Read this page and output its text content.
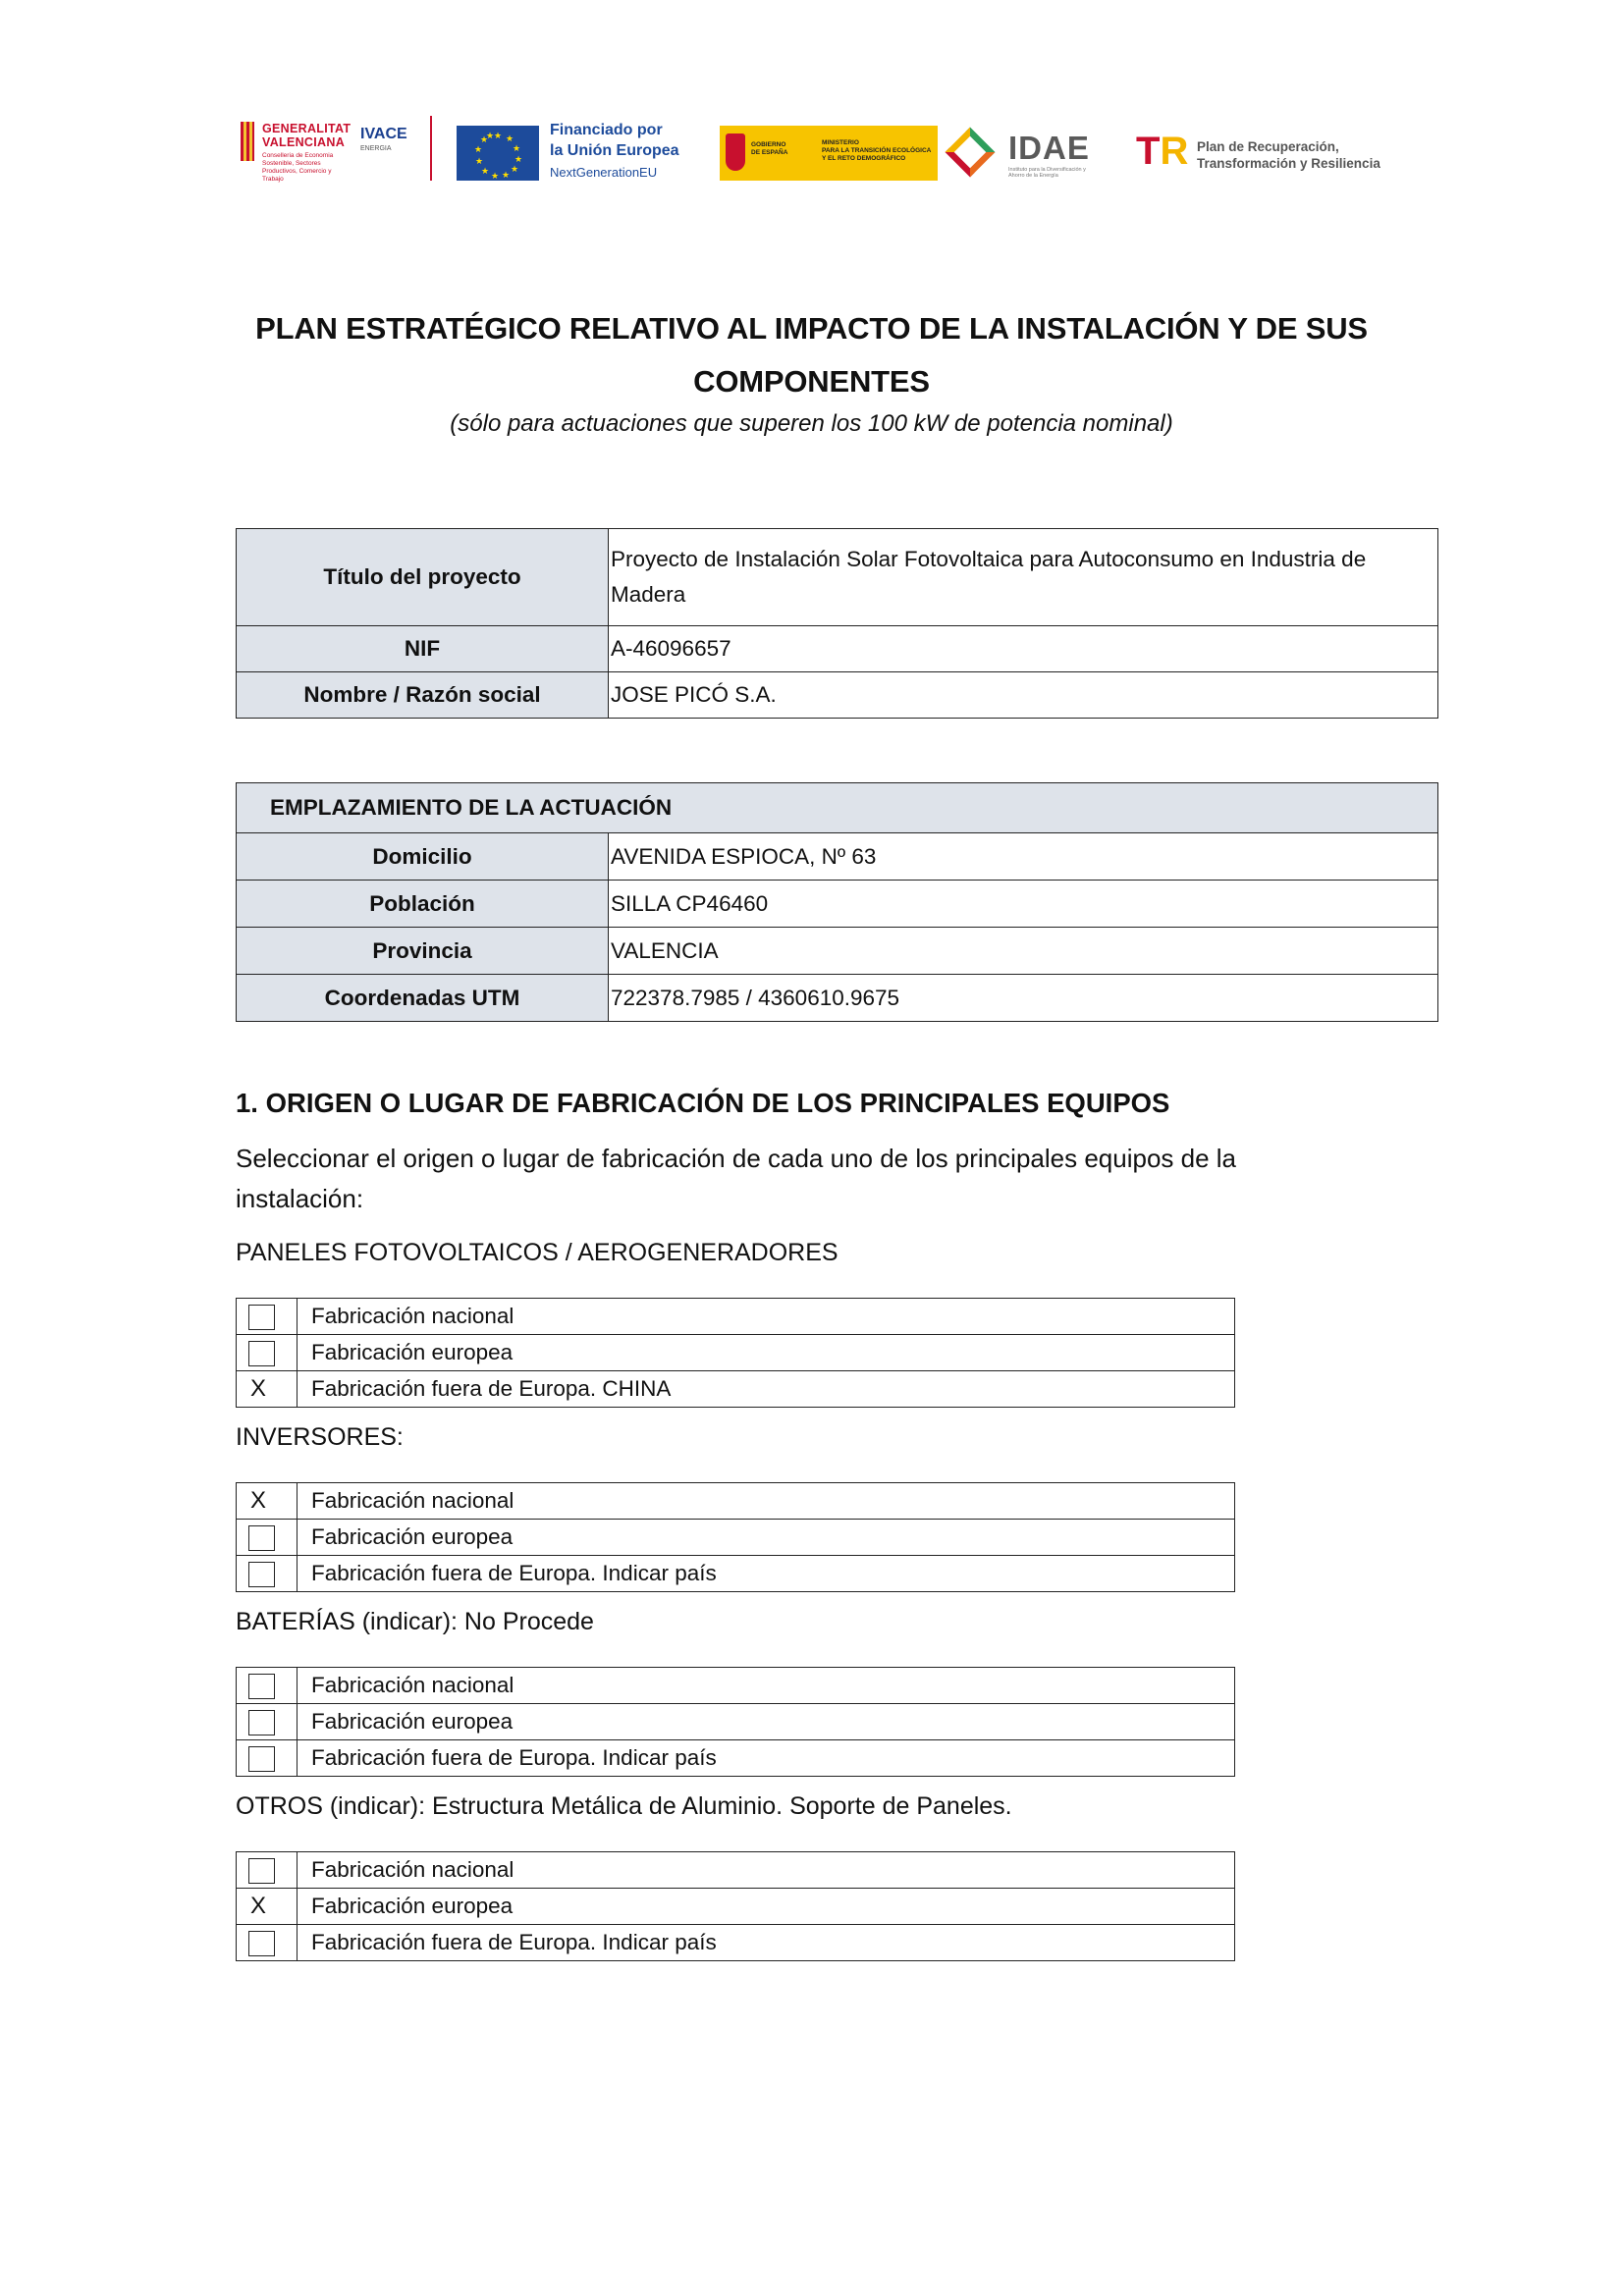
GENERALITAT
VALENCIANA
Conselleria de Economia Sostenible, Sectores Productivos, Comercio y Trabajo
IVACE
ENERGIA
★ ★
★
★
★
★
★
★
★
★
★
★	Financiado por
la Unión Europea
NextGenerationEU
GOBIERNO
DE ESPAÑA
MINISTERIO
PARA LA TRANSICIÓN ECOLÓGICA
Y EL RETO DEMOGRÁFICO	IDAE
Instituto para la Diversificación y Ahorro de la Energía
TR Plan de Recuperación,
Transformación y Resiliencia
PLAN ESTRATÉGICO RELATIVO AL IMPACTO DE LA INSTALACIÓN Y DE SUS COMPONENTES
(sólo para actuaciones que superen los 100 kW de potencia nominal)
Título del proyecto	Proyecto de Instalación Solar Fotovoltaica para Autoconsumo en Industria de Madera
NIF	A-46096657
Nombre / Razón social	JOSE PICÓ S.A.
EMPLAZAMIENTO DE LA ACTUACIÓN	
Domicilio	AVENIDA ESPIOCA, Nº 63
Población	SILLA CP46460
Provincia	VALENCIA
Coordenadas UTM	722378.7985 / 4360610.9675
1. ORIGEN O LUGAR DE FABRICACIÓN DE LOS PRINCIPALES EQUIPOS
Seleccionar el origen o lugar de fabricación de cada uno de los principales equipos de la instalación:
PANELES FOTOVOLTAICOS / AEROGENERADORES
	Fabricación nacional
	Fabricación europea
X	Fabricación fuera de Europa. CHINA
INVERSORES:
X	Fabricación nacional
	Fabricación europea
	Fabricación fuera de Europa. Indicar país
BATERÍAS (indicar): No Procede
	Fabricación nacional
	Fabricación europea
	Fabricación fuera de Europa. Indicar país
OTROS (indicar): Estructura Metálica de Aluminio. Soporte de Paneles.
	Fabricación nacional
X	Fabricación europea
	Fabricación fuera de Europa. Indicar país
